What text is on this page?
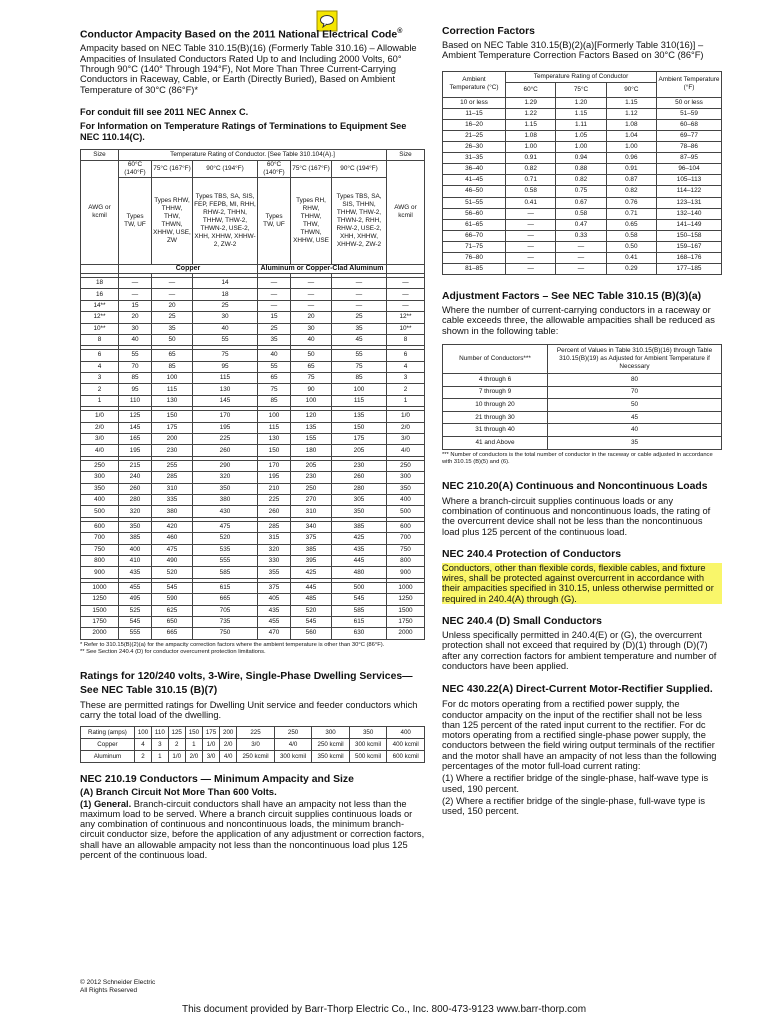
Conductor Ampacity Based on the 2011 National Electrical Code®

Ampacity based on NEC Table 310.15(B)(16) (Formerly Table 310.16) – Allowable Ampacities of Insulated Conductors Rated Up to and Including 2000 Volts, 60° Through 90°C (140° Through 194°F), Not More Than Three Current-Carrying Conductors in Raceway, Cable, or Earth (Directly Buried), Based on Ambient Temperature of 30°C (86°F)*

For conduit fill see 2011 NEC Annex C.

For Information on Temperature Ratings of Terminations to Equipment See NEC 110.14(C).

Size	Temperature Rating of Conductor. [See Table 310.104(A).]						Size
AWG or kcmil	60°C (140°F)	75°C (167°F)	90°C (194°F)	60°C (140°F)	75°C (167°F)	90°C (194°F)	AWG or kcmil
	Types TW, UF	Types RHW, THHW, THW, THWN, XHHW, USE, ZW	Types TBS, SA, SIS, FEP, FEPB, MI, RHH, RHW-2, THHN, THHW, THW-2, THWN-2, USE-2, XHH, XHHW, XHHW-2, ZW-2	Types TW, UF	Types RH, RHW, THHW, THW, THWN, XHHW, USE	Types TBS, SA, SIS, THHN, THHW, THW-2, THWN-2, RHH, RHW-2, USE-2, XHH, XHHW, XHHW-2, ZW-2	
	Copper			Aluminum or Copper-Clad Aluminum			

18	—	—	14	—	—	—	—
16	—	—	18	—	—	—	—
14**	15	20	25	—	—	—	—
12**	20	25	30	15	20	25	12**
10**	30	35	40	25	30	35	10**
8	40	50	55	35	40	45	8

6	55	65	75	40	50	55	6
4	70	85	95	55	65	75	4
3	85	100	115	65	75	85	3
2	95	115	130	75	90	100	2
1	110	130	145	85	100	115	1

1/0	125	150	170	100	120	135	1/0
2/0	145	175	195	115	135	150	2/0
3/0	165	200	225	130	155	175	3/0
4/0	195	230	260	150	180	205	4/0

250	215	255	290	170	205	230	250
300	240	285	320	195	230	260	300
350	260	310	350	210	250	280	350
400	280	335	380	225	270	305	400
500	320	380	430	260	310	350	500

600	350	420	475	285	340	385	600
700	385	460	520	315	375	425	700
750	400	475	535	320	385	435	750
800	410	490	555	330	395	445	800
900	435	520	585	355	425	480	900

1000	455	545	615	375	445	500	1000
1250	495	590	665	405	485	545	1250
1500	525	625	705	435	520	585	1500
1750	545	650	735	455	545	615	1750
2000	555	665	750	470	560	630	2000

* Refer to 310.15(B)(2)(a) for the ampacity correction factors where the ambient temperature is other than 30°C (86°F).

** See Section 240.4 (D) for conductor overcurrent protection limitations.

Ratings for 120/240 volts, 3-Wire, Single-Phase Dwelling Services— See NEC Table 310.15 (B)(7)

These are permitted ratings for Dwelling Unit service and feeder conductors which carry the total load of the dwelling.

Rating (amps)	100	110	125	150	175	200	225	250	300	350	400
Copper	4	3	2	1	1/0	2/0	3/0	4/0	250 kcmil	300 kcmil	400 kcmil
Aluminum	2	1	1/0	2/0	3/0	4/0	250 kcmil	300 kcmil	350 kcmil	500 kcmil	600 kcmil
NEC 210.19 Conductors — Minimum Ampacity and Size

(A) Branch Circuit Not More Than 600 Volts.

(1) General. Branch-circuit conductors shall have an ampacity not less than the maximum load to be served. Where a branch circuit supplies continuous loads or any combination of continuous and noncontinuous loads, the minimum branch-circuit conductor size, before the application of any adjustment or correction factors, shall have an allowable ampacity not less than the noncontinuous load plus 125 percent of the continuous load.

© 2012 Schneider Electric
All Rights Reserved
Correction Factors

Based on NEC Table 310.15(B)(2)(a)[Formerly Table 310(16)] – Ambient Temperature Correction Factors Based on 30°C (86°F)

Ambient Temperature (°C)	Temperature Rating of Conductor			Ambient Temperature (°F)
	60°C	75°C	90°C	
10 or less	1.29	1.20	1.15	50 or less
11–15	1.22	1.15	1.12	51–59
16–20	1.15	1.11	1.08	60–68
21–25	1.08	1.05	1.04	69–77
26–30	1.00	1.00	1.00	78–86
31–35	0.91	0.94	0.96	87–95
36–40	0.82	0.88	0.91	96–104
41–45	0.71	0.82	0.87	105–113
46–50	0.58	0.75	0.82	114–122
51–55	0.41	0.67	0.76	123–131
56–60	—	0.58	0.71	132–140
61–65	—	0.47	0.65	141–149
66–70	—	0.33	0.58	150–158
71–75	—	—	0.50	159–167
76–80	—	—	0.41	168–176
81–85	—	—	0.29	177–185
Adjustment Factors – See NEC Table 310.15 (B)(3)(a)

Where the number of current-carrying conductors in a raceway or cable exceeds three, the allowable ampacities shall be reduced as shown in the following table:

Number of Conductors***	Percent of Values in Table 310.15(B)(16) through Table 310.15(B)(19) as Adjusted for Ambient Temperature if Necessary
4 through 6	80
7 through 9	70
10 through 20	50
21 through 30	45
31 through 40	40
41 and Above	35

*** Number of conductors is the total number of conductor in the raceway or cable adjusted in accordance with 310.15 (B)(5) and (6).

NEC 210.20(A) Continuous and Noncontinuous Loads

Where a branch-circuit supplies continuous loads or any combination of continuous and noncontinuous loads, the rating of the overcurrent device shall not be less than the noncontinuous load plus 125 percent of the continuous load.

NEC 240.4 Protection of Conductors

Conductors, other than flexible cords, flexible cables, and fixture wires, shall be protected against overcurrent in accordance with their ampacities specified in 310.15, unless otherwise permitted or required in 240.4(A) through (G).

NEC 240.4 (D) Small Conductors

Unless specifically permitted in 240.4(E) or (G), the overcurrent protection shall not exceed that required by (D)(1) through (D)(7) after any correction factors for ambient temperature and number of conductors have been applied.

NEC 430.22(A) Direct-Current Motor-Rectifier Supplied.

For dc motors operating from a rectified power supply, the conductor ampacity on the input of the rectifier shall not be less than 125 percent of the rated input current to the rectifier. For dc motors operating from a rectified single-phase power supply, the conductors between the field wiring output terminals of the rectifier and the motor shall have an ampacity of not less than the following percentages of the motor full-load current rating:

(1) Where a rectifier bridge of the single-phase, half-wave type is used, 190 percent.

(2) Where a rectifier bridge of the single-phase, full-wave type is used, 150 percent.

This document provided by Barr-Thorp Electric Co., Inc. 800-473-9123 www.barr-thorp.com
